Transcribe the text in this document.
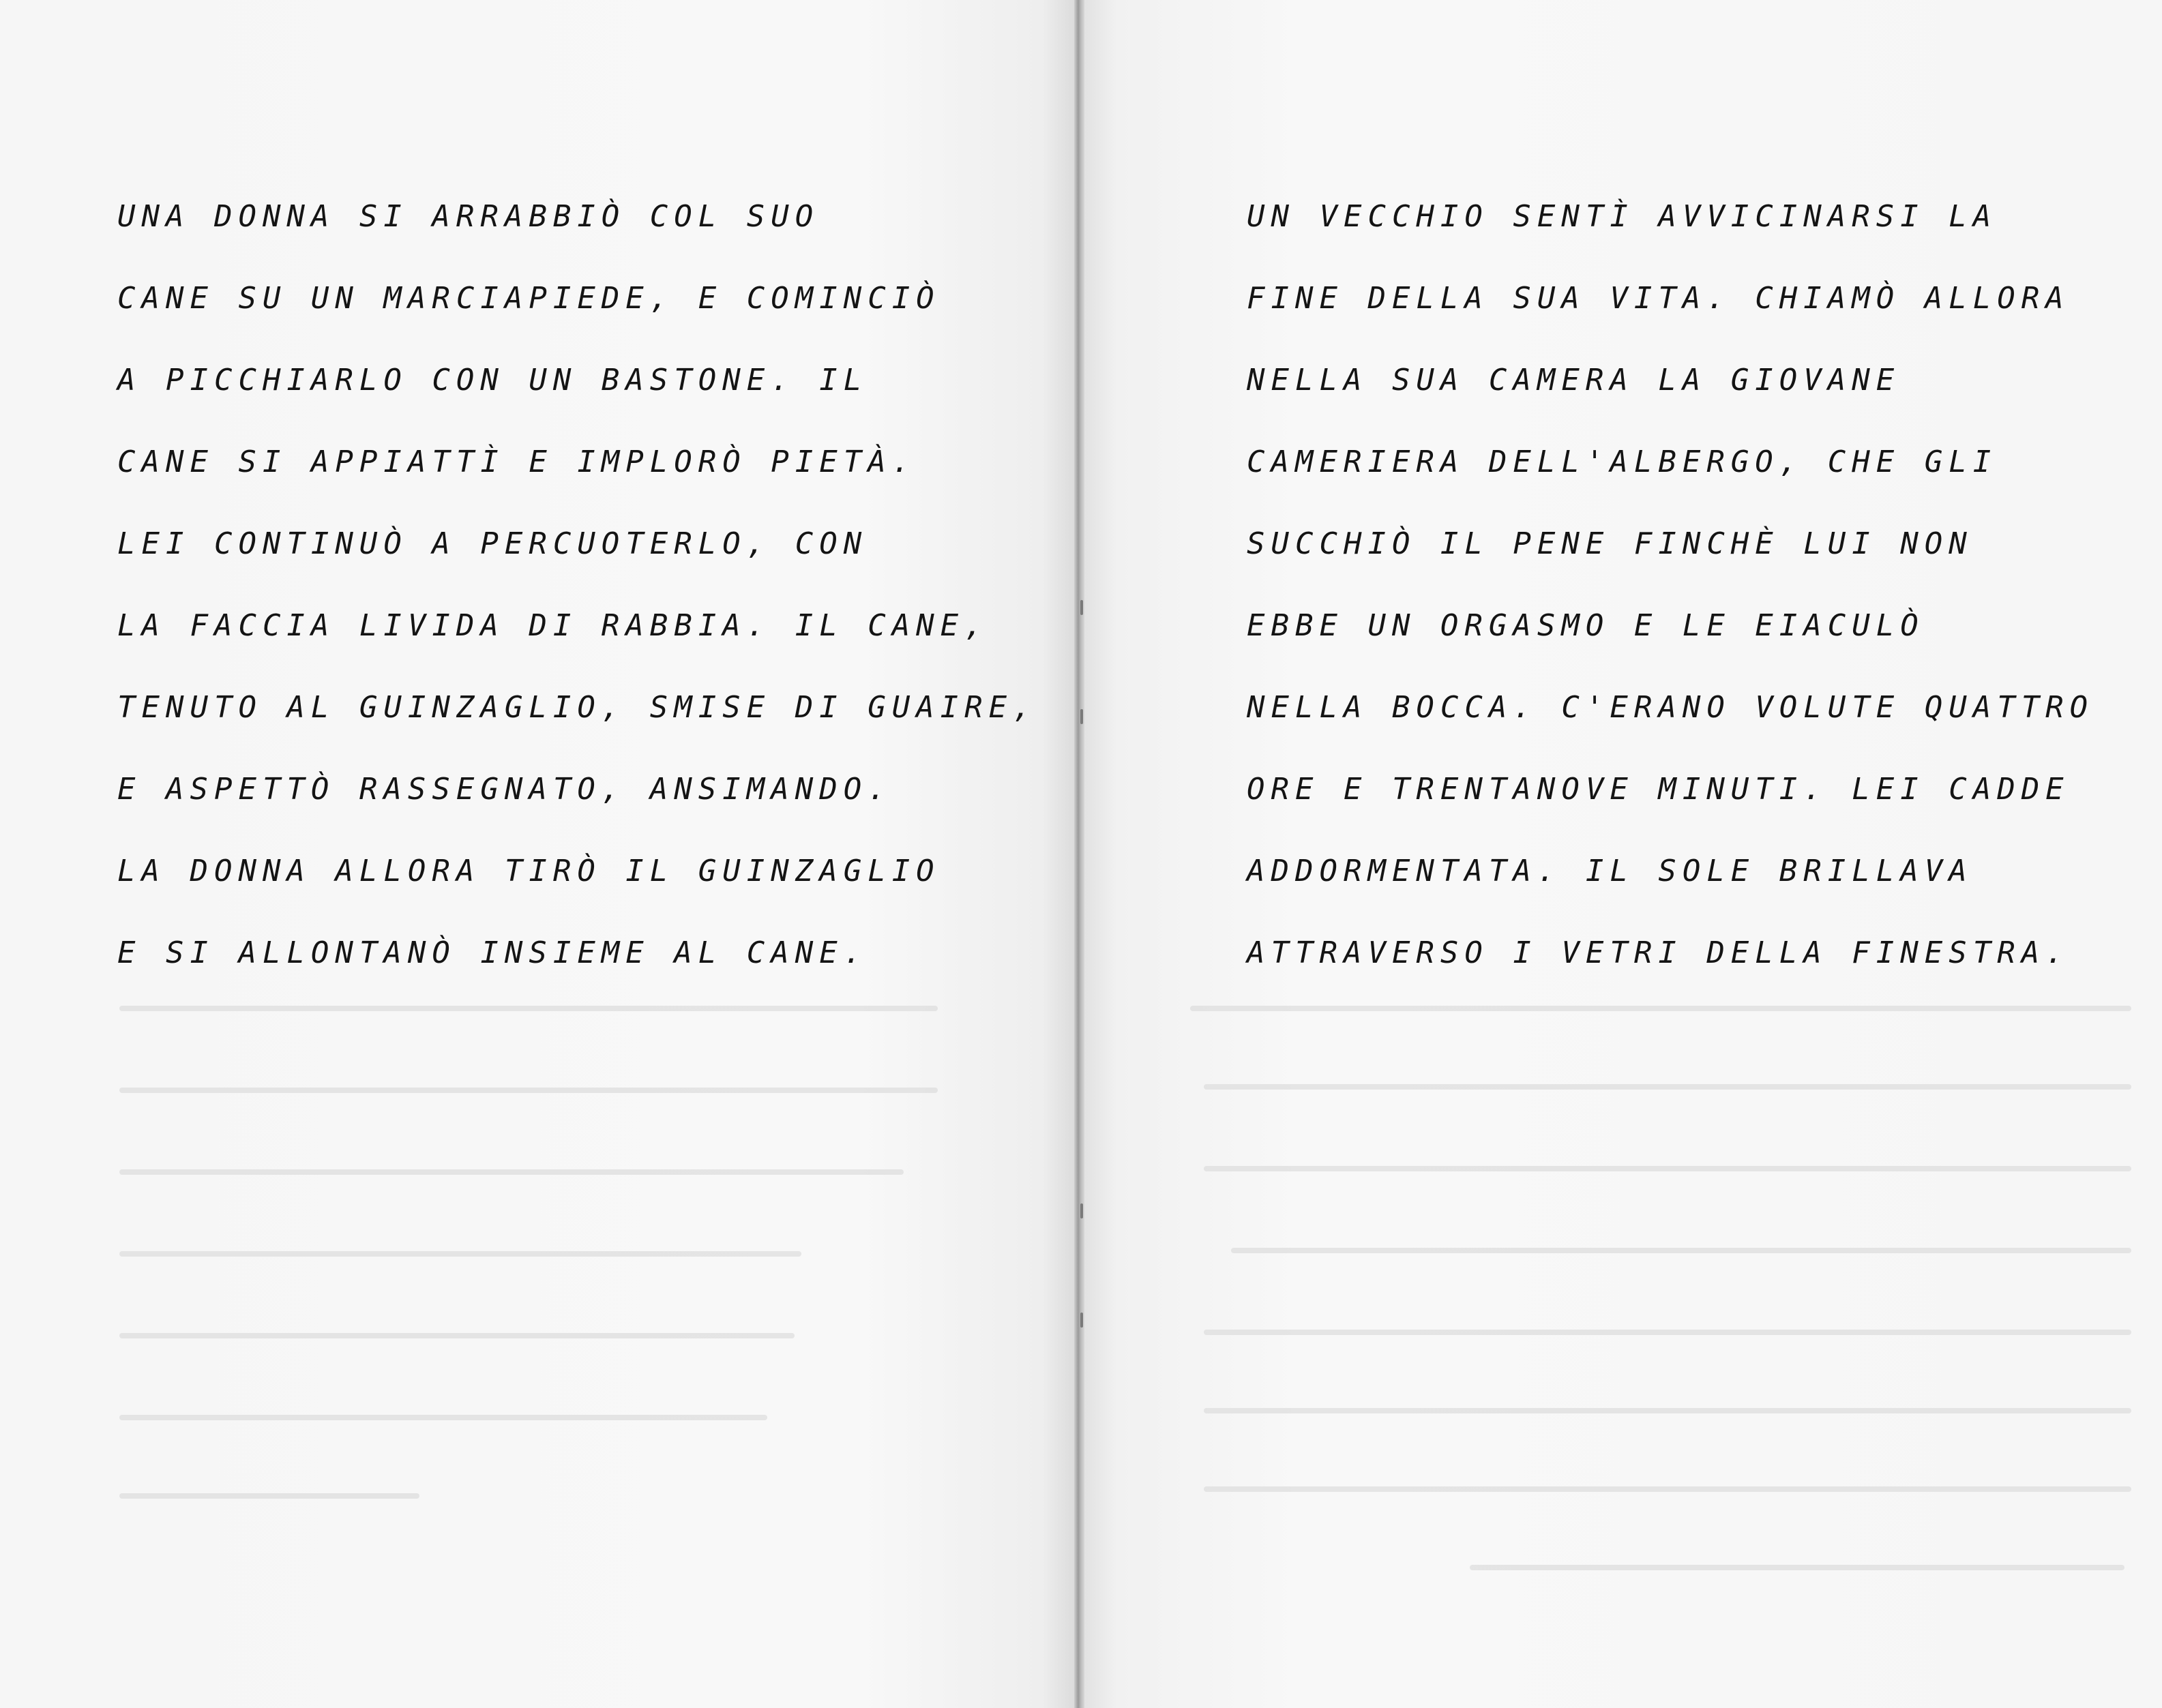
UNA DONNA SI ARRABBIÒ COL SUO
CANE SU UN MARCIAPIEDE, E COMINCIÒ
A PICCHIARLO CON UN BASTONE. IL
CANE SI APPIATTÌ E IMPLORÒ PIETÀ.
LEI CONTINUÒ A PERCUOTERLO, CON
LA FACCIA LIVIDA DI RABBIA. IL CANE,
TENUTO AL GUINZAGLIO, SMISE DI GUAIRE,
E ASPETTÒ RASSEGNATO, ANSIMANDO.
LA DONNA ALLORA TIRÒ IL GUINZAGLIO
E SI ALLONTANÒ INSIEME AL CANE.
UN VECCHIO SENTÌ AVVICINARSI LA
FINE DELLA SUA VITA. CHIAMÒ ALLORA
NELLA SUA CAMERA LA GIOVANE
CAMERIERA DELL'ALBERGO, CHE GLI
SUCCHIÒ IL PENE FINCHÈ LUI NON
EBBE UN ORGASMO E LE EIACULÒ
NELLA BOCCA. C'ERANO VOLUTE QUATTRO
ORE E TRENTANOVE MINUTI. LEI CADDE
ADDORMENTATA. IL SOLE BRILLAVA
ATTRAVERSO I VETRI DELLA FINESTRA.
